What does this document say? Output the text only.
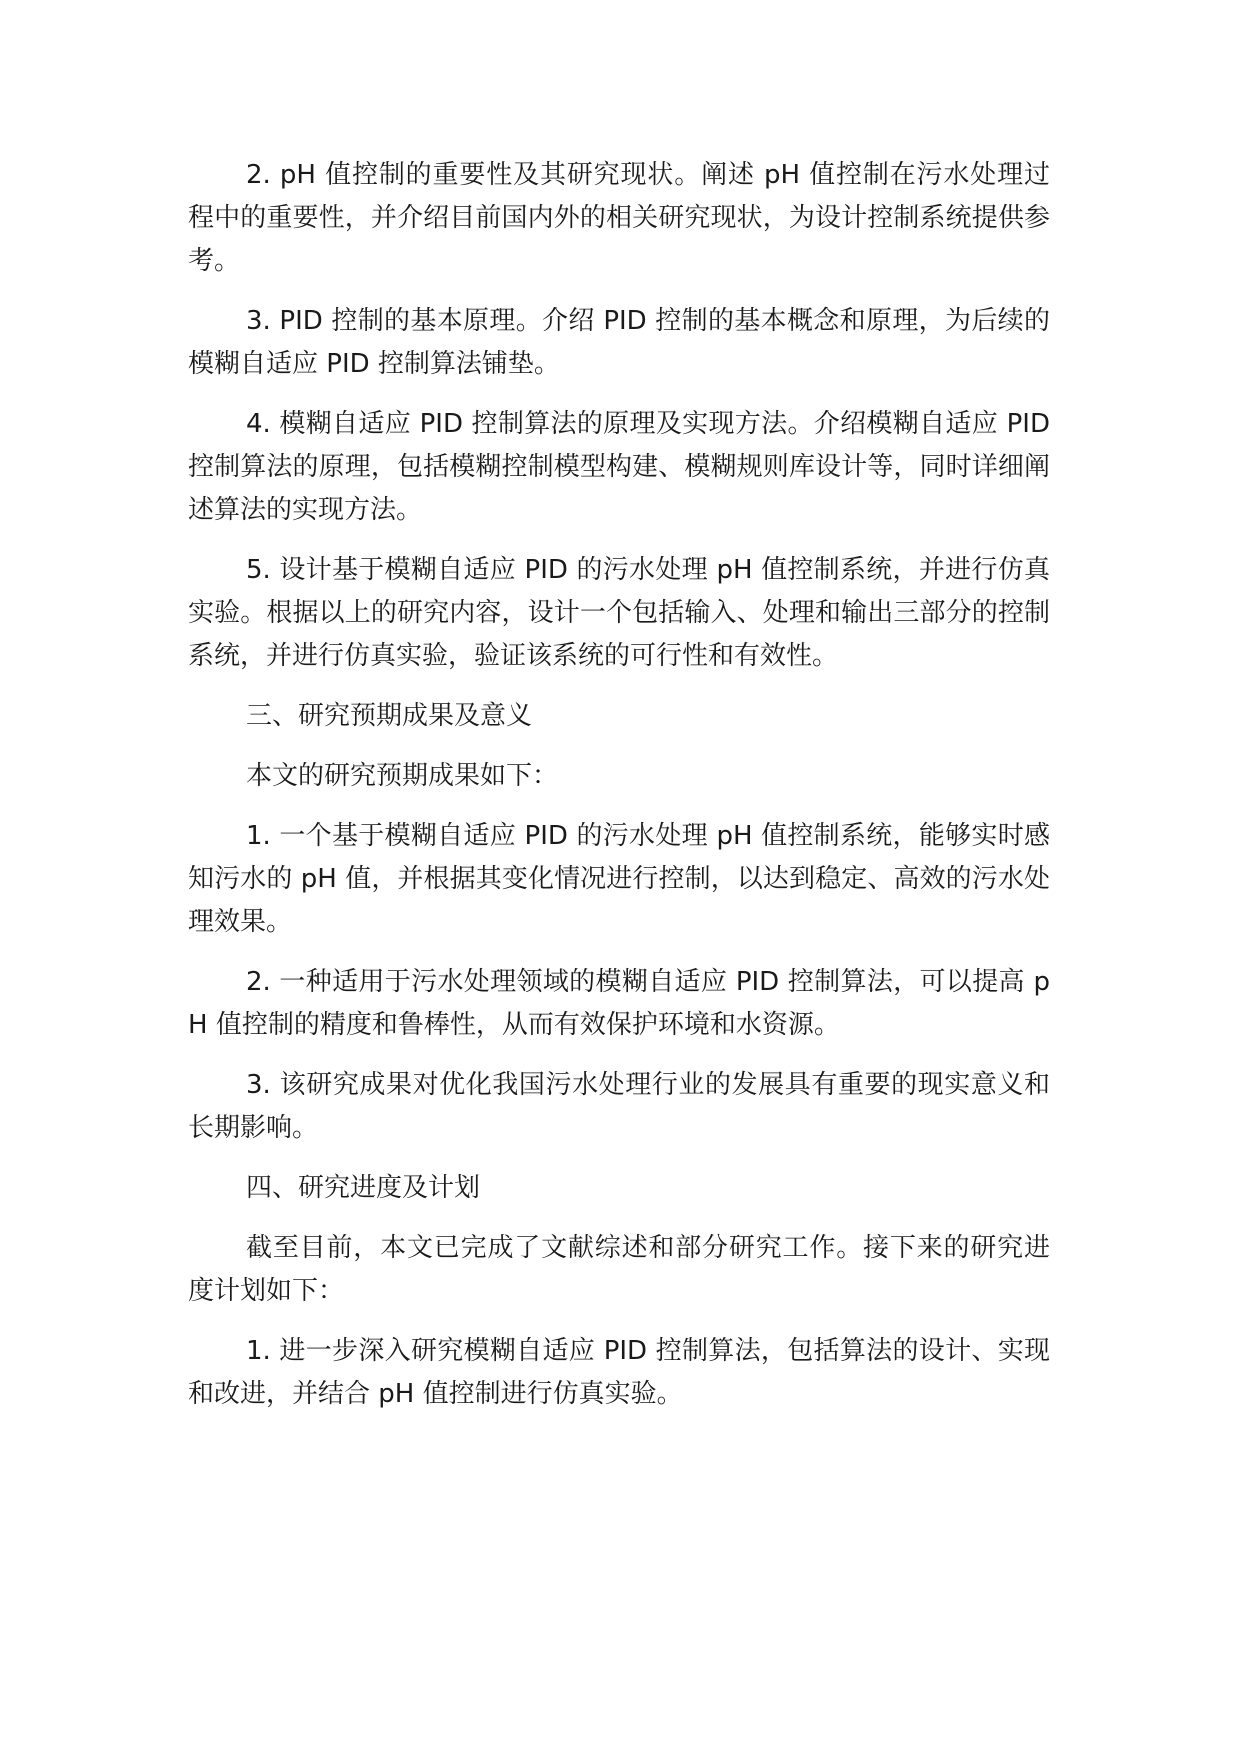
2. pH 值控制的重要性及其研究现状。阐述 pH 值控制在污水处理过程中的重要性，并介绍目前国内外的相关研究现状，为设计控制系统提供参考。

3. PID 控制的基本原理。介绍 PID 控制的基本概念和原理，为后续的模糊自适应 PID 控制算法铺垫。

4. 模糊自适应 PID 控制算法的原理及实现方法。介绍模糊自适应 PID 控制算法的原理，包括模糊控制模型构建、模糊规则库设计等，同时详细阐述算法的实现方法。

5. 设计基于模糊自适应 PID 的污水处理 pH 值控制系统，并进行仿真实验。根据以上的研究内容，设计一个包括输入、处理和输出三部分的控制系统，并进行仿真实验，验证该系统的可行性和有效性。

三、研究预期成果及意义

本文的研究预期成果如下：

1. 一个基于模糊自适应 PID 的污水处理 pH 值控制系统，能够实时感知污水的 pH 值，并根据其变化情况进行控制，以达到稳定、高效的污水处理效果。

2. 一种适用于污水处理领域的模糊自适应 PID 控制算法，可以提高 pH 值控制的精度和鲁棒性，从而有效保护环境和水资源。

3. 该研究成果对优化我国污水处理行业的发展具有重要的现实意义和长期影响。

四、研究进度及计划

截至目前，本文已完成了文献综述和部分研究工作。接下来的研究进度计划如下：

1. 进一步深入研究模糊自适应 PID 控制算法，包括算法的设计、实现和改进，并结合 pH 值控制进行仿真实验。
